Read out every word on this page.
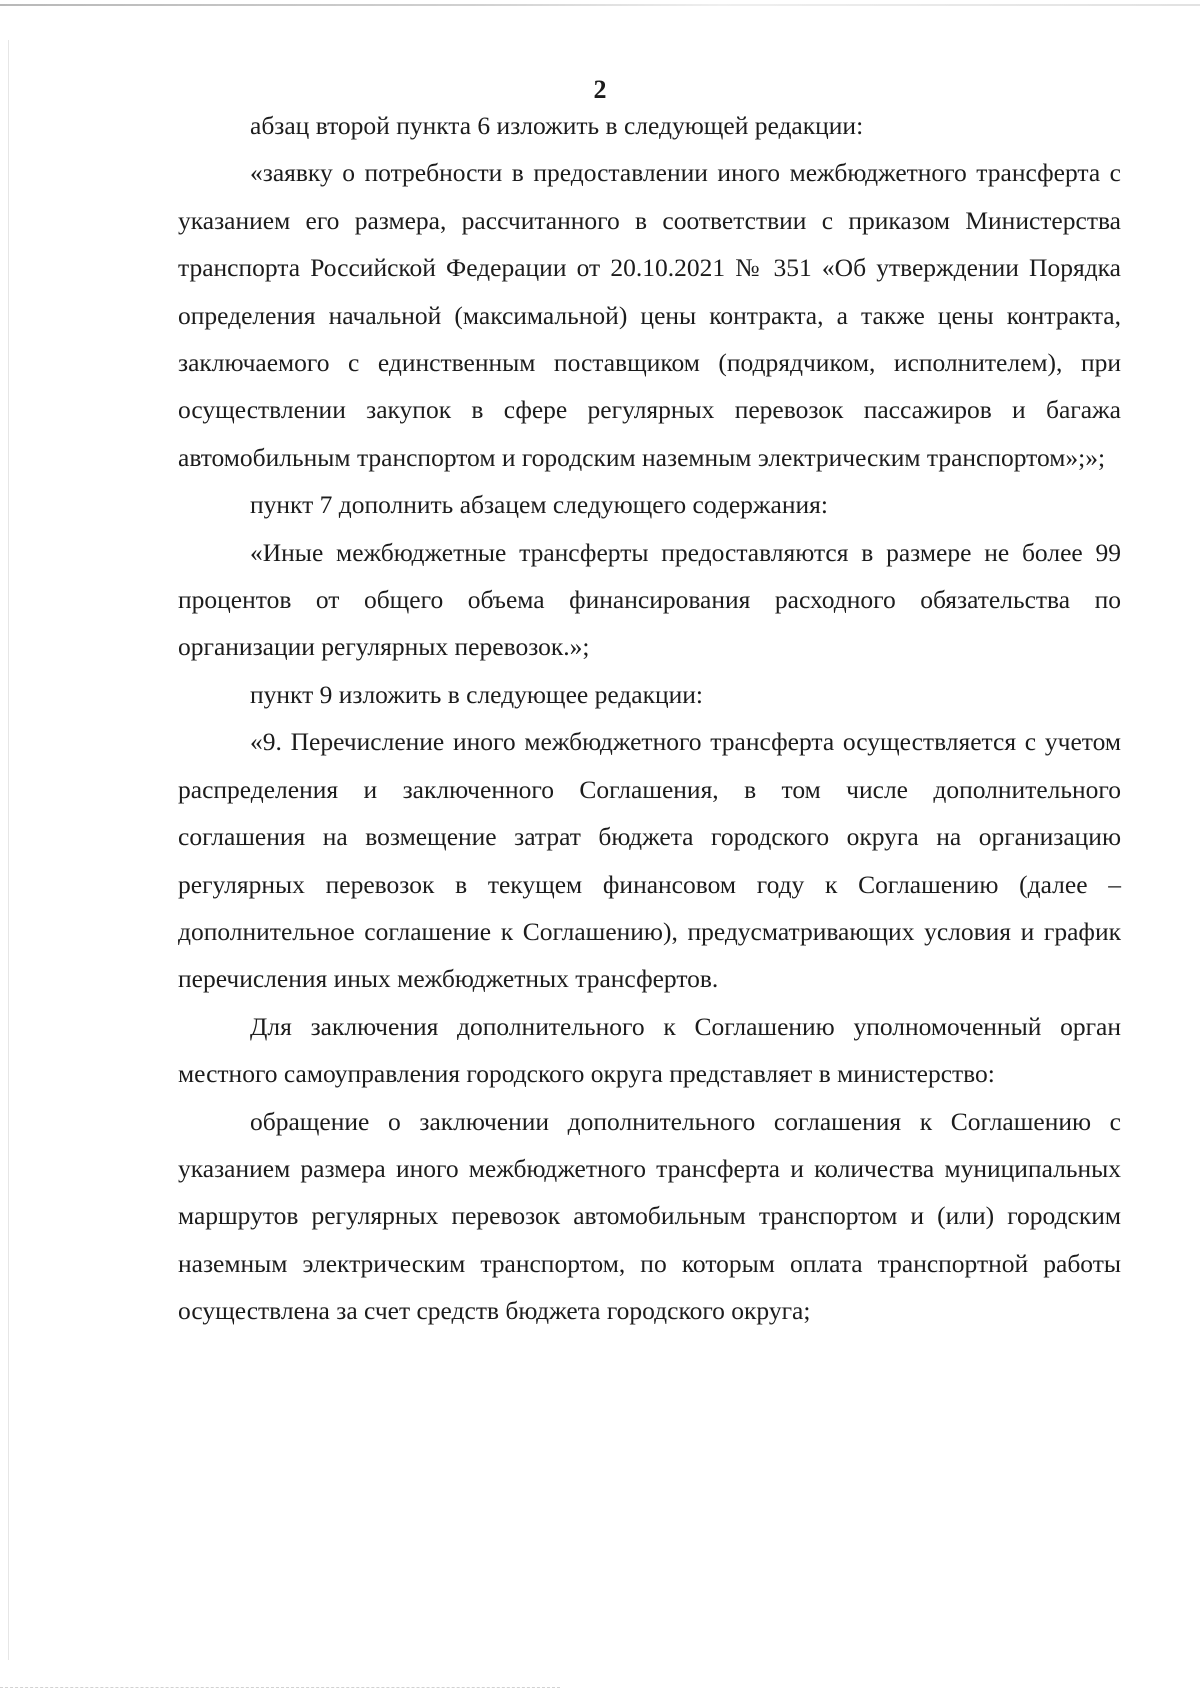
2

абзац второй пункта 6 изложить в следующей редакции:

«заявку о потребности в предоставлении иного межбюджетного трансферта с указанием его размера, рассчитанного в соответствии с приказом Министерства транспорта Российской Федерации от 20.10.2021 № 351 «Об утверждении Порядка определения начальной (максимальной) цены контракта, а также цены контракта, заключаемого с единственным поставщиком (подрядчиком, исполнителем), при осуществлении закупок в сфере регулярных перевозок пассажиров и багажа автомобильным транспортом и городским наземным электрическим транспортом»;»;

пункт 7 дополнить абзацем следующего содержания:

«Иные межбюджетные трансферты предоставляются в размере не более 99 процентов от общего объема финансирования расходного обязательства по организации регулярных перевозок.»;

пункт 9 изложить в следующее редакции:

«9. Перечисление иного межбюджетного трансферта осуществляется с учетом распределения и заключенного Соглашения, в том числе дополнительного соглашения на возмещение затрат бюджета городского округа на организацию регулярных перевозок в текущем финансовом году к Соглашению (далее – дополнительное соглашение к Соглашению), предусматривающих условия и график перечисления иных межбюджетных трансфертов.

Для заключения дополнительного к Соглашению уполномоченный орган местного самоуправления городского округа представляет в министерство:

обращение о заключении дополнительного соглашения к Соглашению с указанием размера иного межбюджетного трансферта и количества муниципальных маршрутов регулярных перевозок автомобильным транспортом и (или) городским наземным электрическим транспортом, по которым оплата транспортной работы осуществлена за счет средств бюджета городского округа;
